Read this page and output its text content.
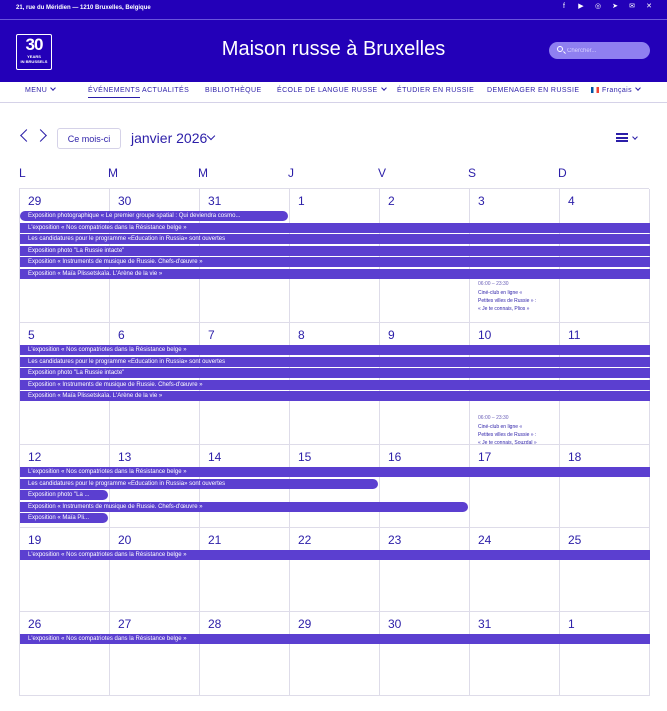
21, rue du Méridien — 1210 Bruxelles, Belgique	f	▶ ◎ ➤ ✉ ✕
30
YEARS
IN BRUSSELS
Maison russe à Bruxelles
Chercher...
MENU	ÉVÉNEMENTS ACTUALITÉS BIBLIOTHÈQUE ÉCOLE DE LANGUE RUSSE	ÉTUDIER EN RUSSIE DEMENAGER EN RUSSIE	Français
Ce mois-ci	janvier 2026
L	M	M	J	V	S	D
29	30	31	1	2	3	4
5	6	7	8	9	10	11
12	13	14	15	16	17	18
19	20	21	22	23	24	25
26	27	28	29	30	31	1
Exposition photographique « Le premier groupe spatial : Qui deviendra cosmo...
L'exposition « Nos compatriotes dans la Résistance belge »
Les candidatures pour le programme «Education in Russia» sont ouvertes
Exposition photo "La Russie intacte"
Exposition « Instruments de musique de Russie. Chefs-d'œuvre »
Exposition « Maïa Plissetskaïa. L'Arène de la vie »
L'exposition « Nos compatriotes dans la Résistance belge »
Les candidatures pour le programme «Education in Russia» sont ouvertes
Exposition photo "La Russie intacte"
Exposition « Instruments de musique de Russie. Chefs-d'œuvre »
Exposition « Maïa Plissetskaïa. L'Arène de la vie »
L'exposition « Nos compatriotes dans la Résistance belge »
Les candidatures pour le programme «Education in Russia» sont ouvertes
Exposition photo "La ...
Exposition « Instruments de musique de Russie. Chefs-d'œuvre »
Exposition « Maïa Pli...
L'exposition « Nos compatriotes dans la Résistance belge »
L'exposition « Nos compatriotes dans la Résistance belge »
06:00 – 23:30
Ciné-club en ligne «
Petites villes de Russie » :
« Je te connais, Plios »
06:00 – 23:30
Ciné-club en ligne «
Petites villes de Russie » :
« Je te connais, Souzdal »
